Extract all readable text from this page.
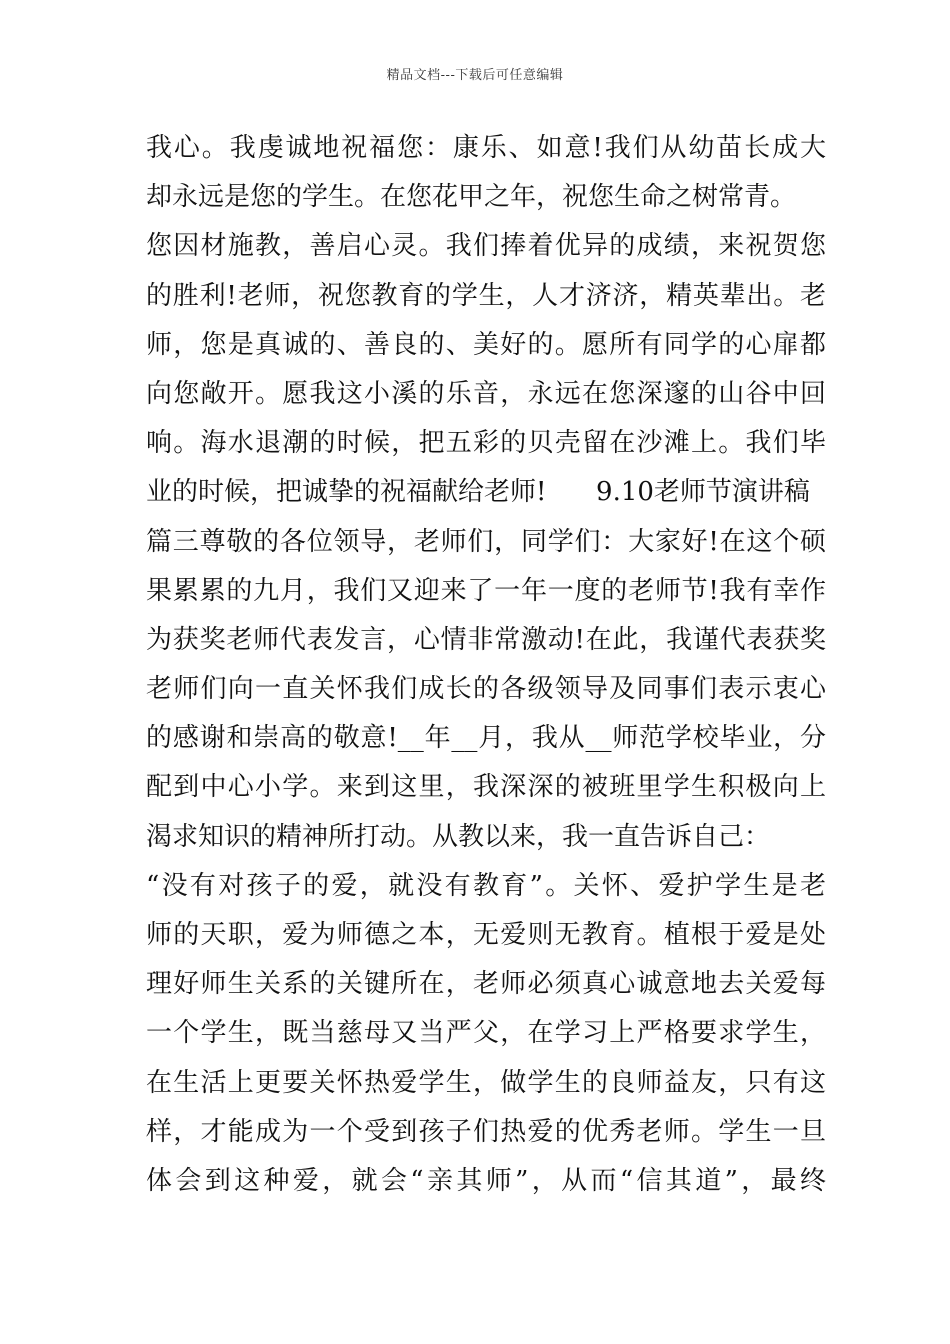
精品文档---下载后可任意编辑
我心。我虔诚地祝福您：康乐、如意!我们从幼苗长成大
却永远是您的学生。在您花甲之年，祝您生命之树常青。
您因材施教，善启心灵。我们捧着优异的成绩，来祝贺您
的胜利!老师，祝您教育的学生，人才济济，精英辈出。老
师，您是真诚的、善良的、美好的。愿所有同学的心扉都
向您敞开。愿我这小溪的乐音，永远在您深邃的山谷中回
响。海水退潮的时候，把五彩的贝壳留在沙滩上。我们毕
业的时候，把诚挚的祝福献给老师!      9.10老师节演讲稿
篇三尊敬的各位领导，老师们，同学们：大家好!在这个硕
果累累的九月，我们又迎来了一年一度的老师节!我有幸作
为获奖老师代表发言，心情非常激动!在此，我谨代表获奖
老师们向一直关怀我们成长的各级领导及同事们表示衷心
的感谢和崇高的敬意!__年__月，我从__师范学校毕业，分
配到中心小学。来到这里，我深深的被班里学生积极向上
渴求知识的精神所打动。从教以来，我一直告诉自己：
“没有对孩子的爱，就没有教育”。关怀、爱护学生是老
师的天职，爱为师德之本，无爱则无教育。植根于爱是处
理好师生关系的关键所在，老师必须真心诚意地去关爱每
一个学生，既当慈母又当严父，在学习上严格要求学生，
在生活上更要关怀热爱学生，做学生的良师益友，只有这
样，才能成为一个受到孩子们热爱的优秀老师。学生一旦
体会到这种爱，就会“亲其师”，从而“信其道”，最终
